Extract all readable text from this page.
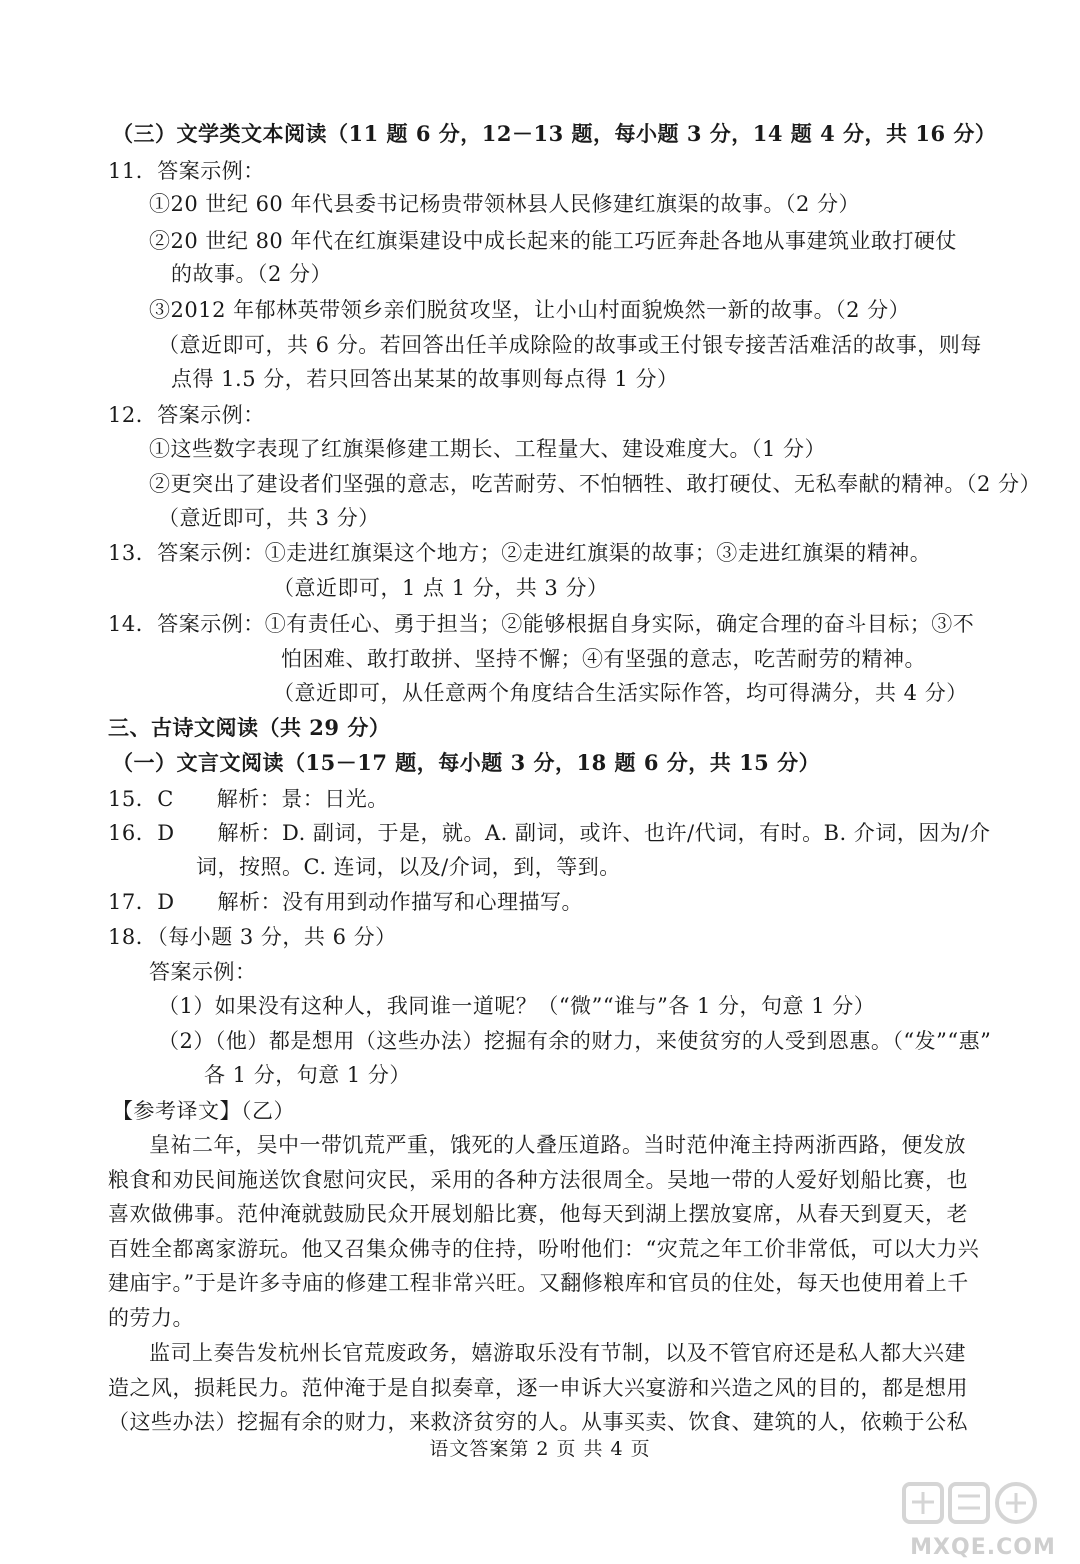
（三）文学类文本阅读（11 题 6 分，12－13 题，每小题 3 分，14 题 4 分，共 16 分）
11．答案示例：
①20 世纪 60 年代县委书记杨贵带领林县人民修建红旗渠的故事。（2 分）
②20 世纪 80 年代在红旗渠建设中成长起来的能工巧匠奔赴各地从事建筑业敢打硬仗
的故事。（2 分）
③2012 年郁林英带领乡亲们脱贫攻坚，让小山村面貌焕然一新的故事。（2 分）
（意近即可，共 6 分。若回答出任羊成除险的故事或王付银专接苦活难活的故事，则每
点得 1.5 分，若只回答出某某的故事则每点得 1 分）
12．答案示例：
①这些数字表现了红旗渠修建工期长、工程量大、建设难度大。（1 分）
②更突出了建设者们坚强的意志，吃苦耐劳、不怕牺牲、敢打硬仗、无私奉献的精神。（2 分）
（意近即可，共 3 分）
13．答案示例：①走进红旗渠这个地方；②走进红旗渠的故事；③走进红旗渠的精神。
（意近即可，1 点 1 分，共 3 分）
14．答案示例：①有责任心、勇于担当；②能够根据自身实际，确定合理的奋斗目标；③不
怕困难、敢打敢拼、坚持不懈；④有坚强的意志，吃苦耐劳的精神。
（意近即可，从任意两个角度结合生活实际作答，均可得满分，共 4 分）
三、古诗文阅读（共 29 分）
（一）文言文阅读（15－17 题，每小题 3 分，18 题 6 分，共 15 分）
15．C　　解析：景：日光。
16．D　　解析：D. 副词，于是，就。A. 副词，或许、也许/代词，有时。B. 介词，因为/介
词，按照。C. 连词，以及/介词，到，等到。
17．D　　解析：没有用到动作描写和心理描写。
18．（每小题 3 分，共 6 分）
答案示例：
（1）如果没有这种人，我同谁一道呢？（“微”“谁与”各 1 分，句意 1 分）
（2）（他）都是想用（这些办法）挖掘有余的财力，来使贫穷的人受到恩惠。（“发”“惠”
各 1 分，句意 1 分）
【参考译文】（乙）
皇祐二年，吴中一带饥荒严重，饿死的人叠压道路。当时范仲淹主持两浙西路，便发放
粮食和劝民间施送饮食慰问灾民，采用的各种方法很周全。吴地一带的人爱好划船比赛，也
喜欢做佛事。范仲淹就鼓励民众开展划船比赛，他每天到湖上摆放宴席，从春天到夏天，老
百姓全都离家游玩。他又召集众佛寺的住持，吩咐他们：“灾荒之年工价非常低，可以大力兴
建庙宇。”于是许多寺庙的修建工程非常兴旺。又翻修粮库和官员的住处，每天也使用着上千
的劳力。
监司上奏告发杭州长官荒废政务，嬉游取乐没有节制，以及不管官府还是私人都大兴建
造之风，损耗民力。范仲淹于是自拟奏章，逐一申诉大兴宴游和兴造之风的目的，都是想用
（这些办法）挖掘有余的财力，来救济贫穷的人。从事买卖、饮食、建筑的人，依赖于公私
语文答案第 2 页 共 4 页
MXQE.COM
